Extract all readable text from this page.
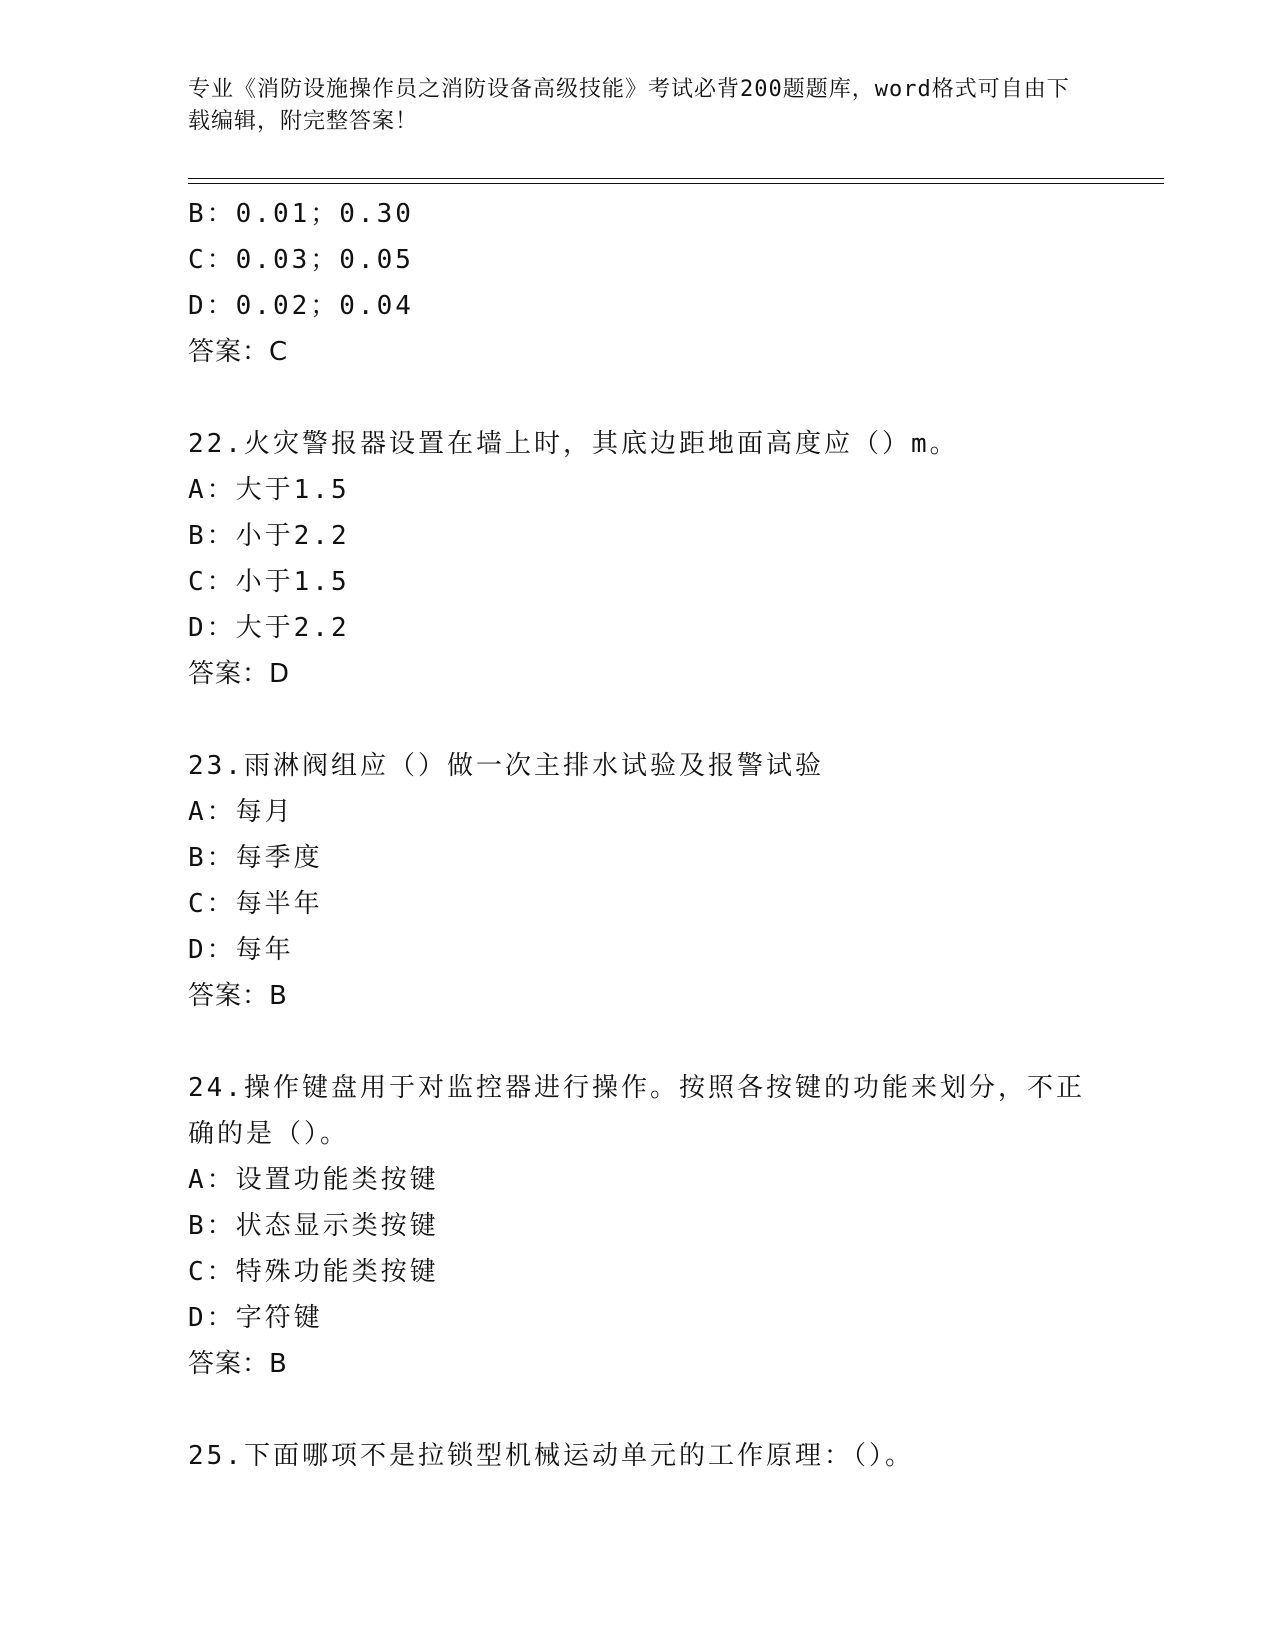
专业《消防设施操作员之消防设备高级技能》考试必背200题题库，word格式可自由下载编辑，附完整答案！
B：0.01；0.30
C：0.03；0.05
D：0.02；0.04
答案：C
22.火灾警报器设置在墙上时，其底边距地面高度应（）m。
A：大于1.5
B：小于2.2
C：小于1.5
D：大于2.2
答案：D
23.雨淋阀组应（）做一次主排水试验及报警试验
A：每月
B：每季度
C：每半年
D：每年
答案：B
24.操作键盘用于对监控器进行操作。按照各按键的功能来划分，不正
确的是（）。
A：设置功能类按键
B：状态显示类按键
C：特殊功能类按键
D：字符键
答案：B
25.下面哪项不是拉锁型机械运动单元的工作原理：（）。
